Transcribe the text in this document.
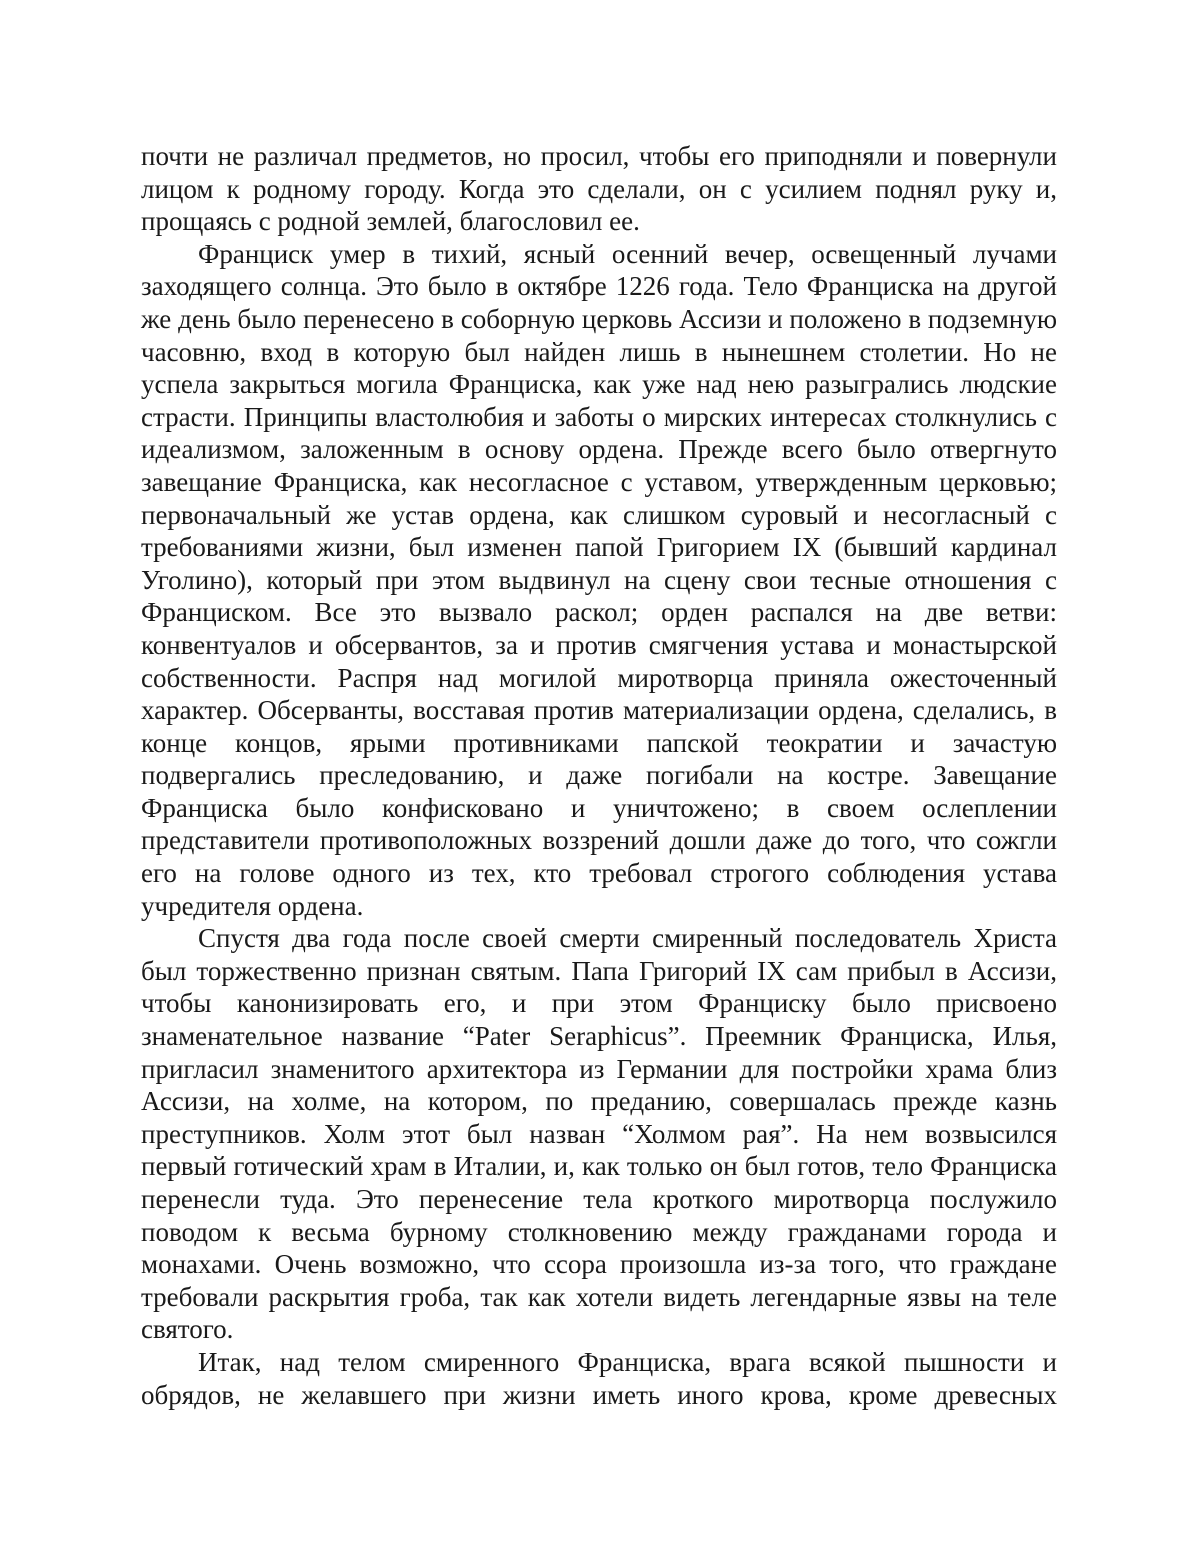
почти не различал предметов, но просил, чтобы его приподняли и повернули лицом к родному городу. Когда это сделали, он с усилием поднял руку и, прощаясь с родной землей, благословил ее.

Франциск умер в тихий, ясный осенний вечер, освещенный лучами заходящего солнца. Это было в октябре 1226 года. Тело Франциска на другой же день было перенесено в соборную церковь Ассизи и положено в подземную часовню, вход в которую был найден лишь в нынешнем столетии. Но не успела закрыться могила Франциска, как уже над нею разыгрались людские страсти. Принципы властолюбия и заботы о мирских интересах столкнулись с идеализмом, заложенным в основу ордена. Прежде всего было отвергнуто завещание Франциска, как несогласное с уставом, утвержденным церковью; первоначальный же устав ордена, как слишком суровый и несогласный с требованиями жизни, был изменен папой Григорием IX (бывший кардинал Уголино), который при этом выдвинул на сцену свои тесные отношения с Франциском. Все это вызвало раскол; орден распался на две ветви: конвентуалов и обсервантов, за и против смягчения устава и монастырской собственности. Распря над могилой миротворца приняла ожесточенный характер. Обсерванты, восставая против материализации ордена, сделались, в конце концов, ярыми противниками папской теократии и зачастую подвергались преследованию, и даже погибали на костре. Завещание Франциска было конфисковано и уничтожено; в своем ослеплении представители противоположных воззрений дошли даже до того, что сожгли его на голове одного из тех, кто требовал строгого соблюдения устава учредителя ордена.

Спустя два года после своей смерти смиренный последователь Христа был торжественно признан святым. Папа Григорий IX сам прибыл в Ассизи, чтобы канонизировать его, и при этом Франциску было присвоено знаменательное название “Pater Seraphicus”. Преемник Франциска, Илья, пригласил знаменитого архитектора из Германии для постройки храма близ Ассизи, на холме, на котором, по преданию, совершалась прежде казнь преступников. Холм этот был назван “Холмом рая”. На нем возвысился первый готический храм в Италии, и, как только он был готов, тело Франциска перенесли туда. Это перенесение тела кроткого миротворца послужило поводом к весьма бурному столкновению между гражданами города и монахами. Очень возможно, что ссора произошла из-за того, что граждане требовали раскрытия гроба, так как хотели видеть легендарные язвы на теле святого.

Итак, над телом смиренного Франциска, врага всякой пышности и обрядов, не желавшего при жизни иметь иного крова, кроме древесных
